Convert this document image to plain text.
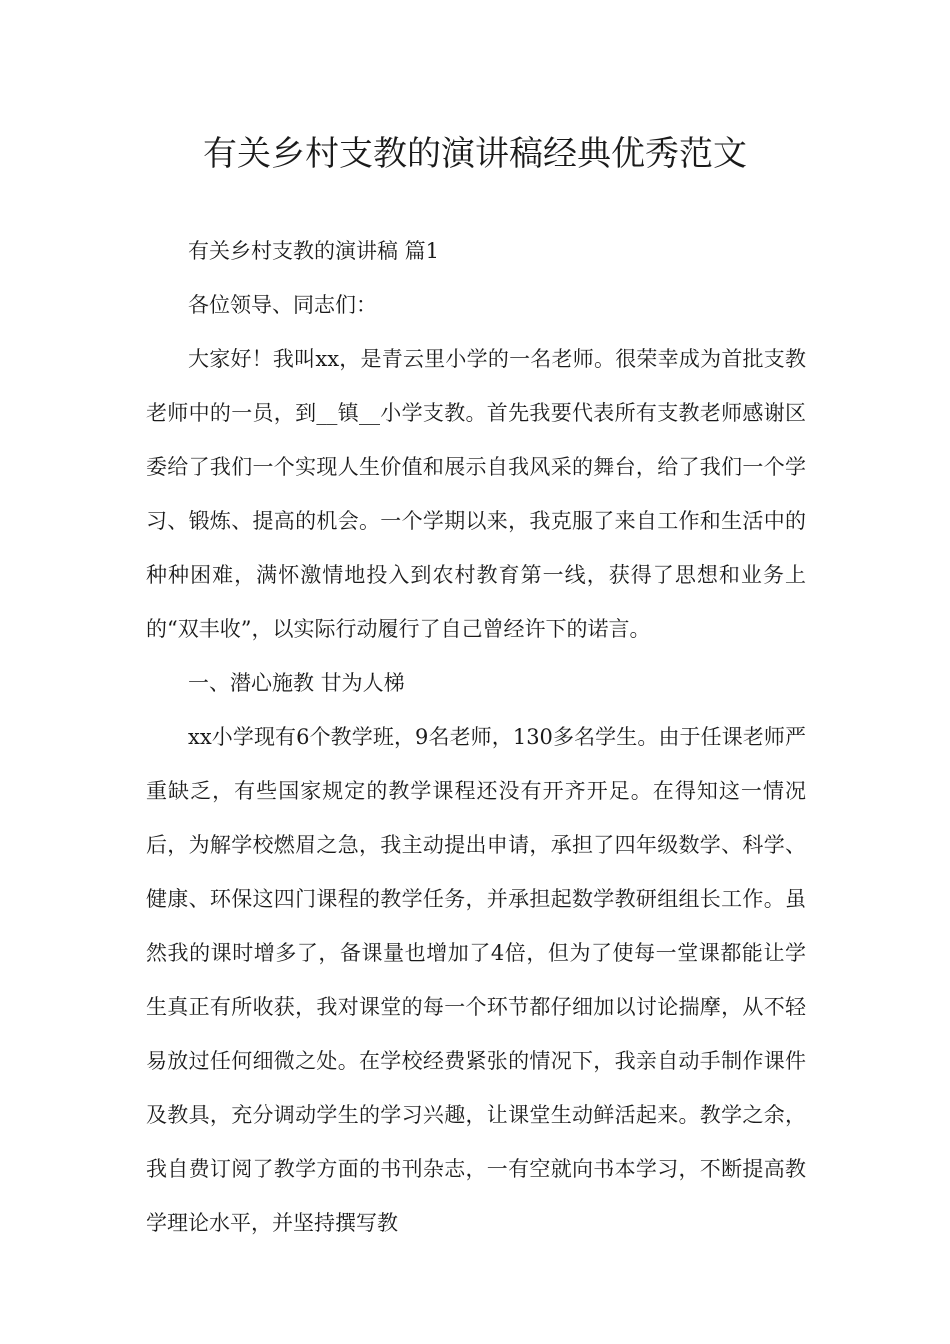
有关乡村支教的演讲稿经典优秀范文

有关乡村支教的演讲稿 篇1

各位领导、同志们：

大家好！我叫xx，是青云里小学的一名老师。很荣幸成为首批支教老师中的一员，到__镇__小学支教。首先我要代表所有支教老师感谢区委给了我们一个实现人生价值和展示自我风采的舞台，给了我们一个学习、锻炼、提高的机会。一个学期以来，我克服了来自工作和生活中的种种困难，满怀激情地投入到农村教育第一线，获得了思想和业务上的“双丰收”，以实际行动履行了自己曾经许下的诺言。

一、潜心施教 甘为人梯

xx小学现有6个教学班，9名老师，130多名学生。由于任课老师严重缺乏，有些国家规定的教学课程还没有开齐开足。在得知这一情况后，为解学校燃眉之急，我主动提出申请，承担了四年级数学、科学、健康、环保这四门课程的教学任务，并承担起数学教研组组长工作。虽然我的课时增多了，备课量也增加了4倍，但为了使每一堂课都能让学生真正有所收获，我对课堂的每一个环节都仔细加以讨论揣摩，从不轻易放过任何细微之处。在学校经费紧张的情况下，我亲自动手制作课件及教具，充分调动学生的学习兴趣，让课堂生动鲜活起来。教学之余，我自费订阅了教学方面的书刊杂志，一有空就向书本学习，不断提高教学理论水平，并坚持撰写教
